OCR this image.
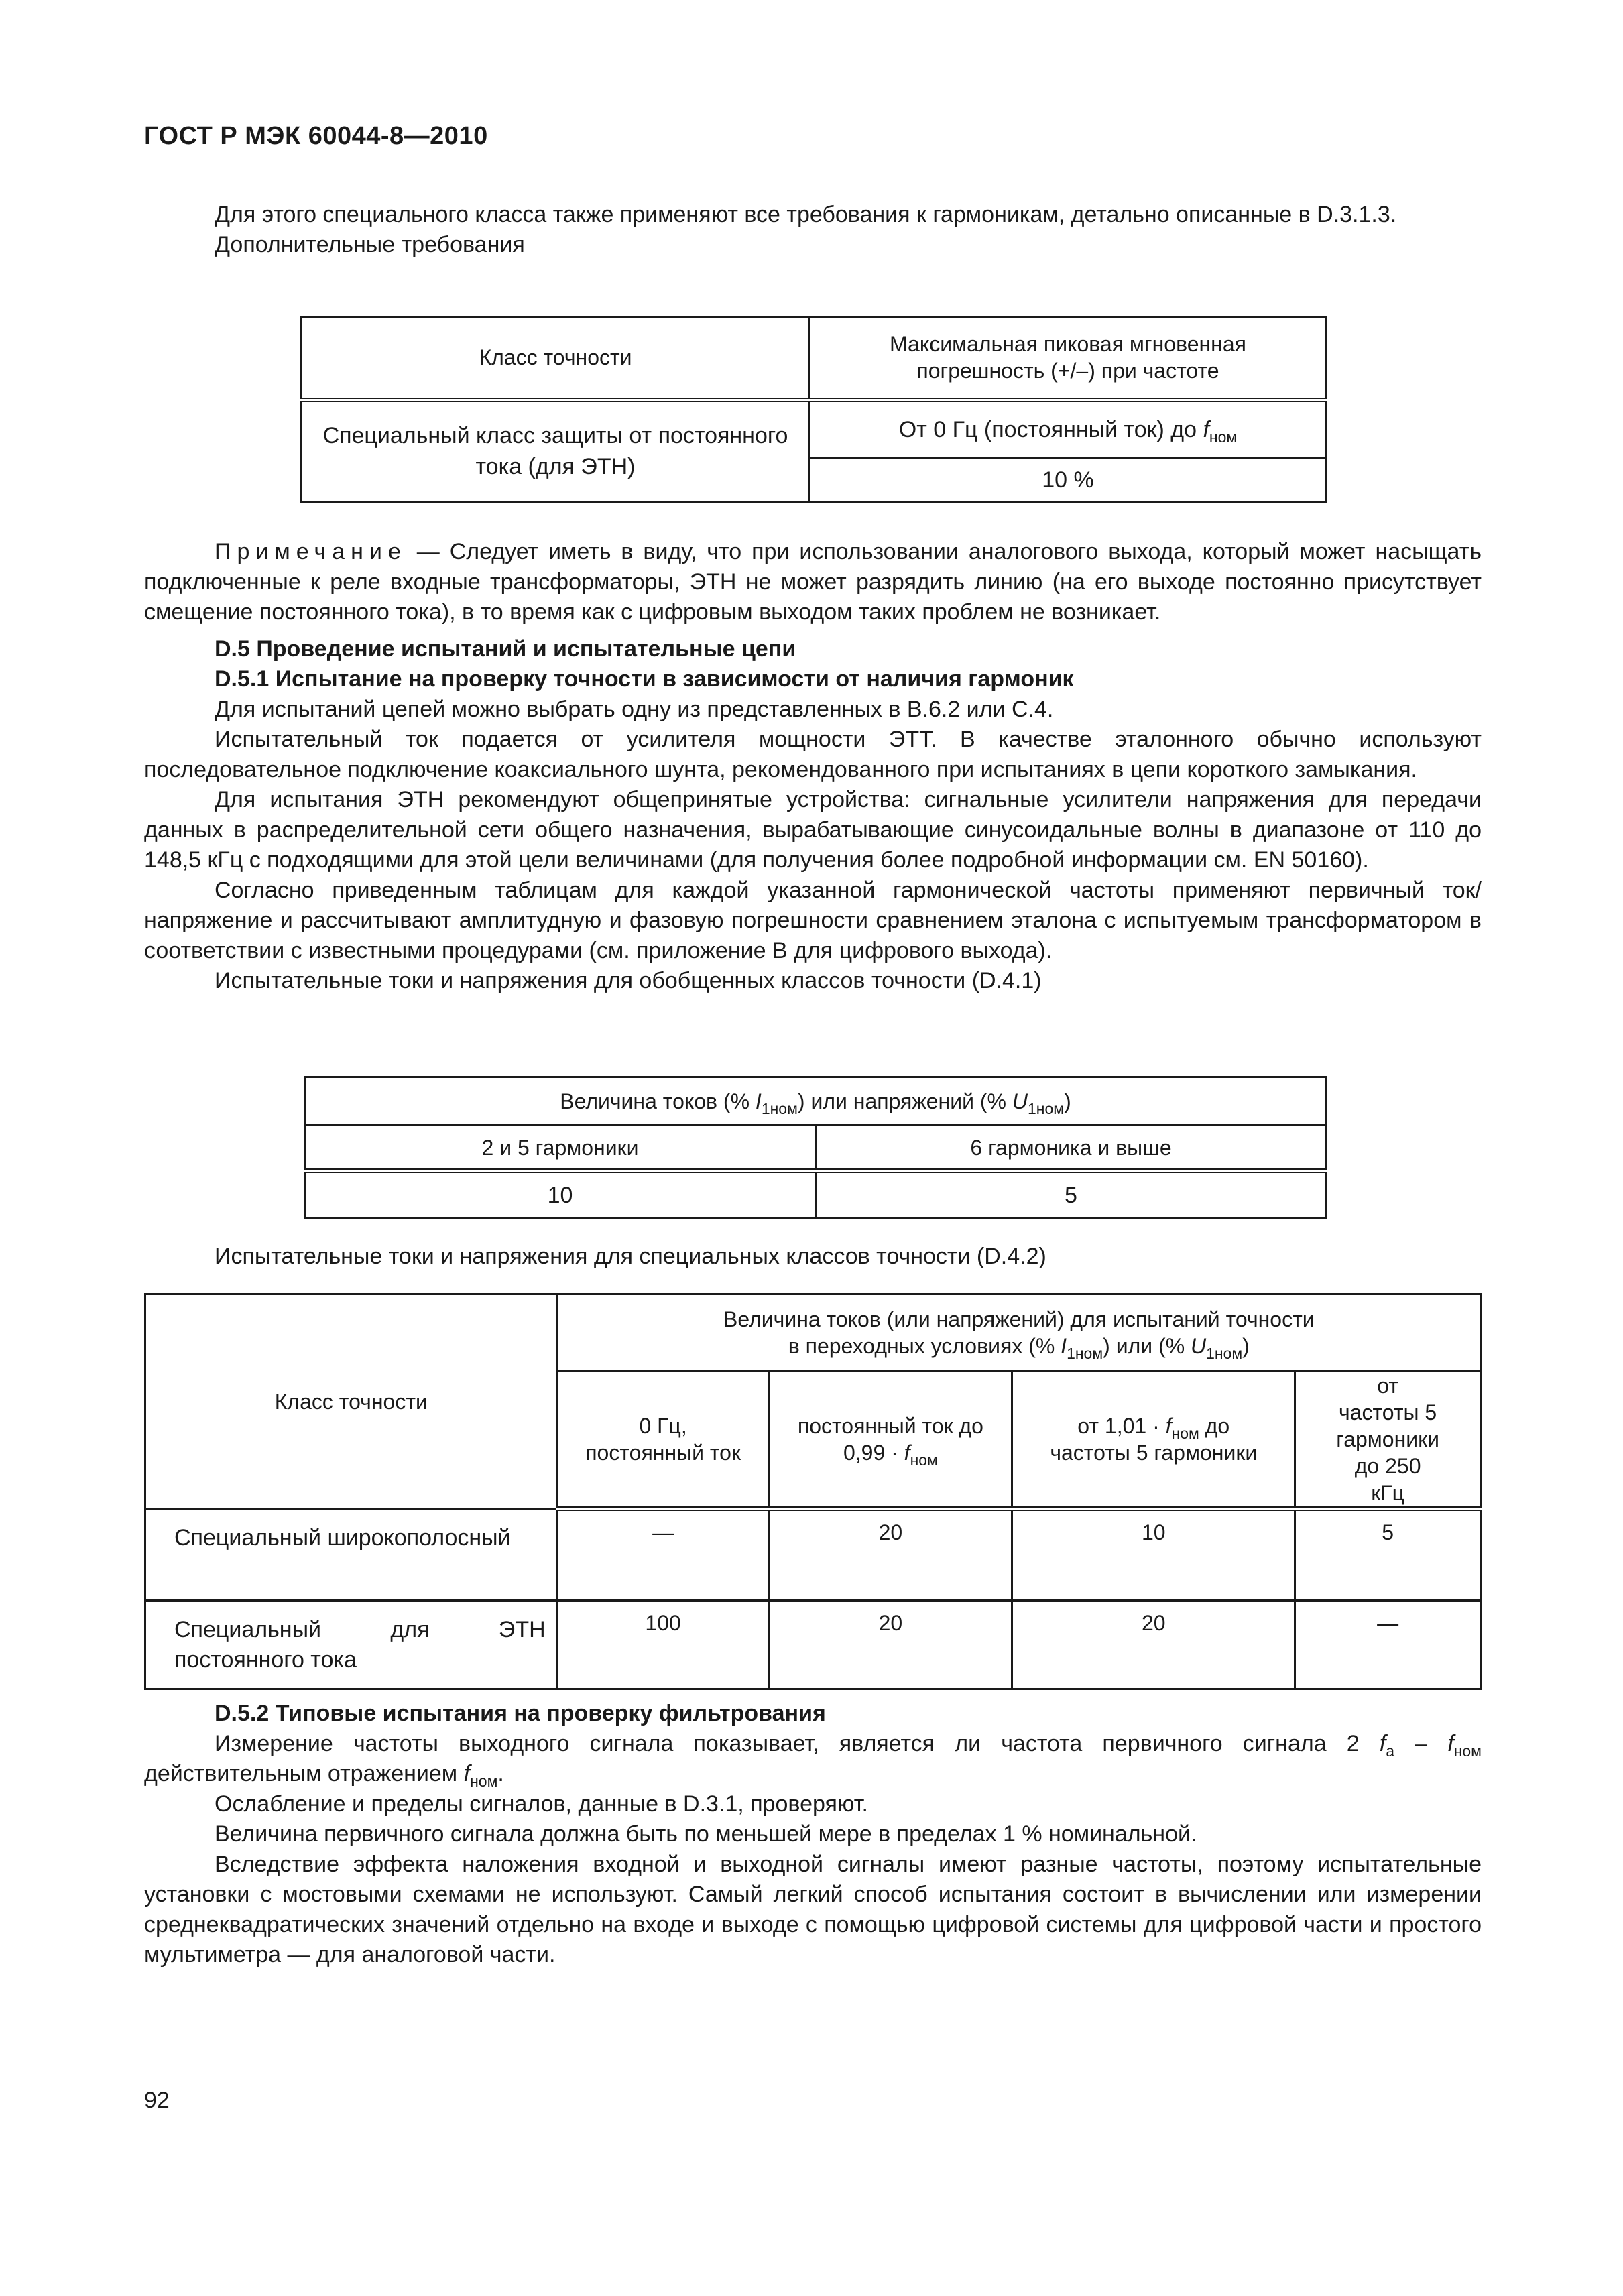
ГОСТ Р МЭК 60044-8—2010

Для этого специального класса также применяют все требования к гармоникам, детально описанные в D.3.1.3.

Дополнительные требования

Класс точности	Максимальная пиковая мгновенная погрешность (+/–) при частоте
Специальный класс защиты от постоянного тока (для ЭТН)	От 0 Гц (постоянный ток) до $f_{ном}$
	10 %

Примечание — Следует иметь в виду, что при использовании аналогового выхода, который может насыщать подключенные к реле входные трансформаторы, ЭТН не может разрядить линию (на его выходе постоянно присутствует смещение постоянного тока), в то время как с цифровым выходом таких проблем не возникает.

D.5 Проведение испытаний и испытательные цепи

D.5.1 Испытание на проверку точности в зависимости от наличия гармоник

Для испытаний цепей можно выбрать одну из представленных в B.6.2 или C.4.

Испытательный ток подается от усилителя мощности ЭТТ. В качестве эталонного обычно используют последовательное подключение коаксиального шунта, рекомендованного при испытаниях в цепи короткого замыкания.

Для испытания ЭТН рекомендуют общепринятые устройства: сигнальные усилители напряжения для передачи данных в распределительной сети общего назначения, вырабатывающие синусоидальные волны в диапазоне от 110 до 148,5 кГц с подходящими для этой цели величинами (для получения более подробной информации см. EN 50160).

Согласно приведенным таблицам для каждой указанной гармонической частоты применяют первичный ток/напряжение и рассчитывают амплитудную и фазовую погрешности сравнением эталона с испытуемым трансформатором в соответствии с известными процедурами (см. приложение B для цифрового выхода).

Испытательные токи и напряжения для обобщенных классов точности (D.4.1)

Величина токов (% $I_{1ном}$) или напряжений (% $U_{1ном}$)	
2 и 5 гармоники	6 гармоника и выше
10	5

Испытательные токи и напряжения для специальных классов точности (D.4.2)

Класс точности	Величина токов (или напряжений) для испытаний точности
в переходных условиях (% $I_{1ном}$) или (% $U_{1ном}$)			

	0 Гц, постоянный ток	постоянный ток до $0,99 \cdot f_{ном}$	от $1,01 \cdot f_{ном}$ до частоты 5 гармоники	от частоты 5 гармоники до 250 кГц
Специальный широкополосный	—	20	10	5
Специальный для ЭТН постоянного тока	100	20	20	—

D.5.2 Типовые испытания на проверку фильтрования

Измерение частоты выходного сигнала показывает, является ли частота первичного сигнала 2 $f_a - f_{ном}$ действительным отражением $f_{ном}$.

Ослабление и пределы сигналов, данные в D.3.1, проверяют.

Величина первичного сигнала должна быть по меньшей мере в пределах 1 % номинальной.

Вследствие эффекта наложения входной и выходной сигналы имеют разные частоты, поэтому испытательные установки с мостовыми схемами не используют. Самый легкий способ испытания состоит в вычислении или измерении среднеквадратических значений отдельно на входе и выходе с помощью цифровой системы для цифровой части и простого мультиметра — для аналоговой части.

92
